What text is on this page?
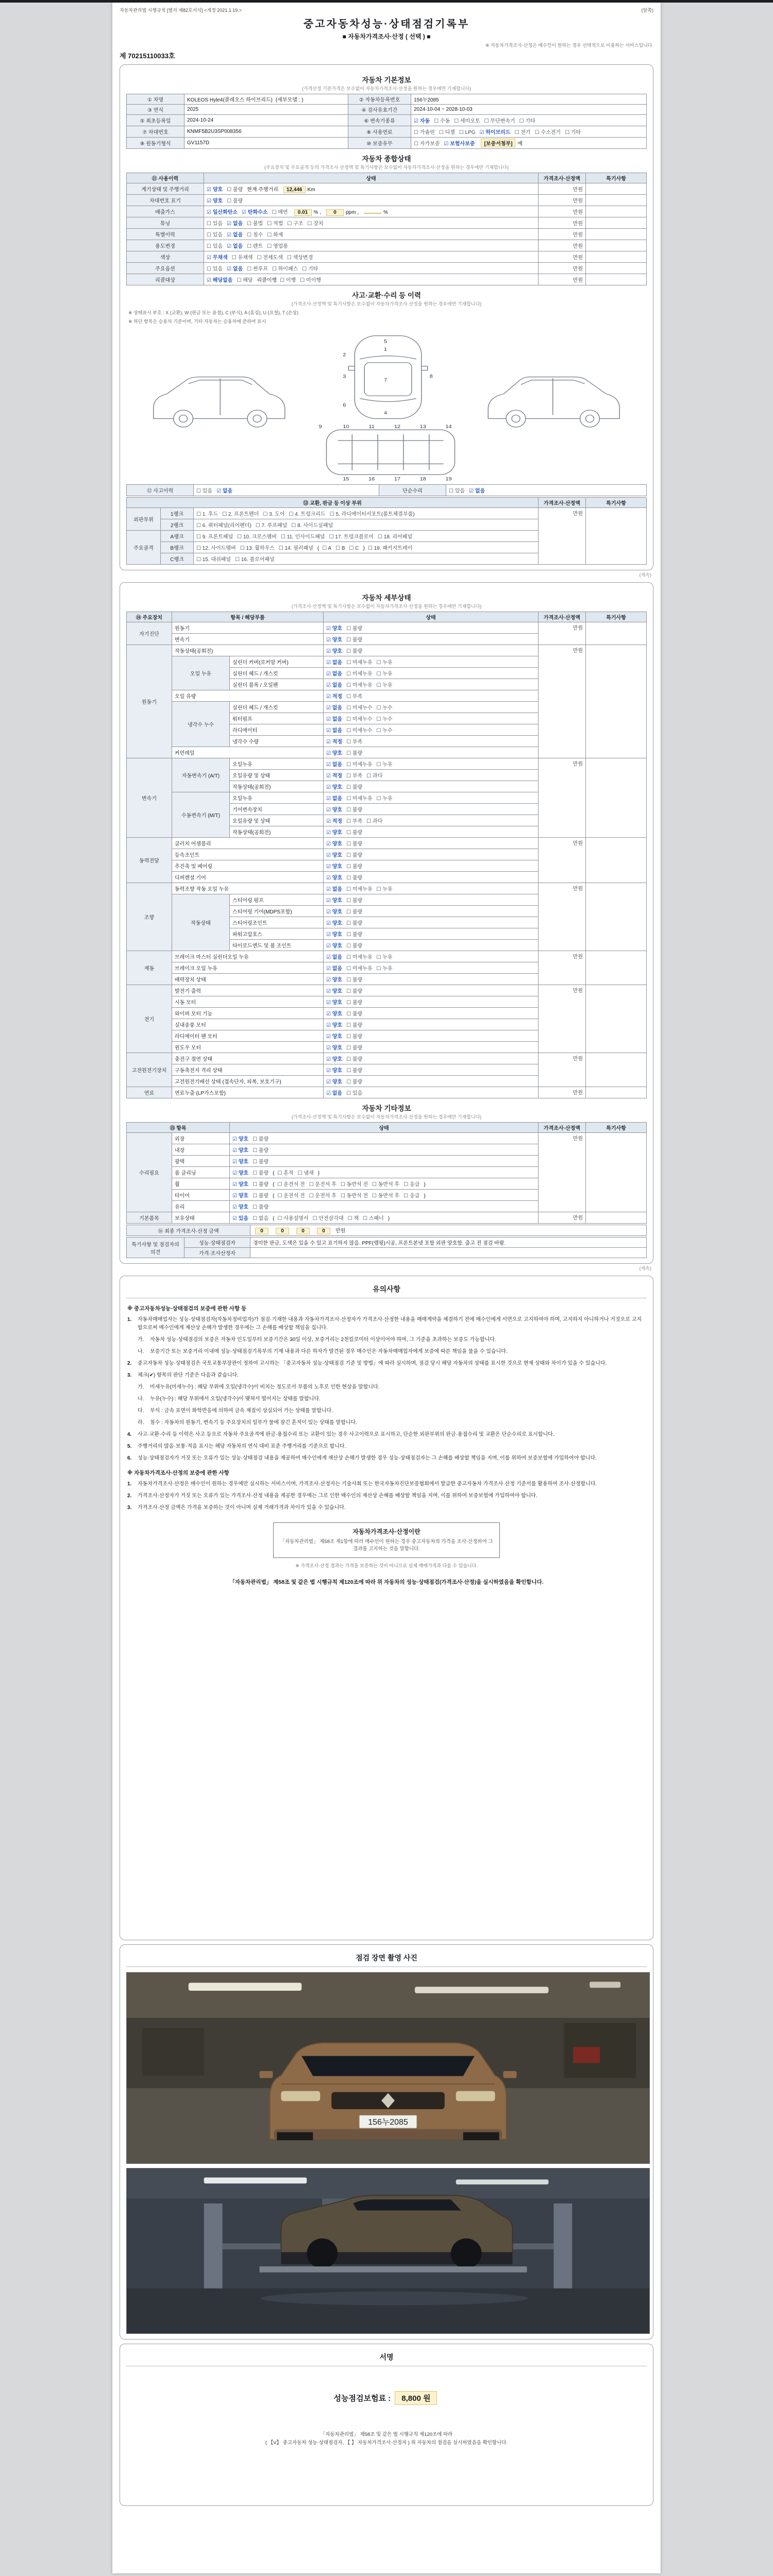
자동차관리법 시행규칙 [별지 제82호서식] <개정 2021.1.19.>	(앞쪽)
중고자동차성능·상태점검기록부
■ 자동차가격조사·산정 ( 선택 ) ■
※ 자동차가격조사·산정은 매수인이 원하는 경우 선택적으로 이용하는 서비스입니다.
제 70215110033호
자동차 기본정보
(가격산정 기준가격은 보수없이 자동차가격조사·산정을 원하는 경우에만 기재합니다)
① 차명	KOLEOS Hyle4(콜레오스 하이브리드) (세부모델 : )	② 자동차등록번호	156누2085
③ 연식	2025	④ 검사유효기간	2024-10-04 ~ 2028-10-03
⑤ 최초등록일	2024-10-24	⑥ 변속기종류	☑ 자동 ☐ 수동 ☐ 세미오토 ☐ 무단변속기 ☐ 기타
⑦ 차대번호	KNMF5B2U3SP008356	⑧ 사용연료	☐ 가솔린 ☐ 디젤 ☐ LPG ☑ 하이브리드 ☐ 전기 ☐ 수소전기 ☐ 기타
⑨ 원동기형식	GV1157D	⑩ 보증유무	☐ 자가보증 ☑ 보험사보증 [보증서첨부] 예
자동차 종합상태
(주요장치 및 주요골격 등의 가격조사·산정액 및 특기사항은 보수없이 자동차가격조사·산정을 원하는 경우에만 기재합니다)
⑪ 사용이력	상태	가격조사·산정액	특기사항
계기상태 및 주행거리	☑ 양호 ☐ 불량 현재 주행거리 12,446 Km	만원	
차대번호 표기	☑ 양호 ☐ 불량	만원	
배출가스	☑ 일산화탄소 ☑ 탄화수소 ☐ 매연 0.01 % , 0 ppm , %	만원	
튜닝	☐ 있음 ☑ 없음 ☐ 불법 ☐ 적법 ☐ 구조 ☐ 장치	만원	
특별이력	☐ 있음 ☑ 없음 ☐ 침수 ☐ 화재	만원	
용도변경	☐ 있음 ☑ 없음 ☐ 렌트 ☐ 영업용	만원	
색상	☑ 무채색 ☐ 유채색 ☐ 전체도색 ☐ 색상변경	만원	
주요옵션	☐ 있음 ☑ 없음 ☐ 썬루프 ☐ 하이패스 ☐ 기타	만원	
리콜대상	☑ 해당없음 ☐ 해당 리콜이행 ☐ 이행 ☐ 미이행	만원	
사고·교환·수리 등 이력
(가격조사·산정액 및 특기사항은 보수없이 자동차가격조사·산정을 원하는 경우에만 기재합니다)
※ 상태표시 부호 : X (교환), W (판금 또는 용접), C (부식), A (흠집), U (요철), T (손상)
※ 하단 항목은 승용차 기준이며, 기타 자동차는 승용차에 준하여 표시
1
2
3
4
5
6
7
8
9	10	11
17	18
12	13	14
19
15	16
⑫ 사고이력	☐ 있음 ☑ 없음	단순수리	☐ 있음 ☑ 없음
⑬ 교환, 판금 등 이상 부위			가격조사·산정액	특기사항
외판부위	1랭크	☐ 1. 후드 ☐ 2. 프론트펜더 ☐ 3. 도어 ☐ 4. 트렁크리드 ☐ 5. 라디에이터서포트(볼트체결부품)	만원	
	2랭크	☐ 6. 쿼터패널(리어펜더) ☐ 7. 루프패널 ☐ 8. 사이드실패널		
주요골격	A랭크	☐ 9. 프론트패널 ☐ 10. 크로스멤버 ☐ 11. 인사이드패널 ☐ 17. 트렁크플로어 ☐ 18. 리어패널		
	B랭크	☐ 12. 사이드멤버 ☐ 13. 휠하우스 ☐ 14. 필러패널 ( ☐ A ☐ B ☐ C ) ☐ 19. 패키지트레이		
	C랭크	☐ 15. 대쉬패널 ☐ 16. 플로어패널		
(계속)
자동차 세부상태
(가격조사·산정액 및 특기사항은 보수없이 자동차가격조사·산정을 원하는 경우에만 기재합니다)
⑭ 주요장치	항목 / 해당부품		상태	가격조사·산정액	특기사항
자기진단	원동기		☑ 양호 ☐ 불량	만원	
	변속기		☑ 양호 ☐ 불량		
원동기	작동상태(공회전)		☑ 양호 ☐ 불량	만원	
	오일 누유	실린더 커버(로커암 커버)	☑ 없음 ☐ 미세누유 ☐ 누유		
		실린더 헤드 / 개스킷	☑ 없음 ☐ 미세누유 ☐ 누유		
		실린더 블록 / 오일팬	☑ 없음 ☐ 미세누유 ☐ 누유		
	오일 유량		☑ 적정 ☐ 부족		
	냉각수 누수	실린더 헤드 / 개스킷	☑ 없음 ☐ 미세누수 ☐ 누수		
		워터펌프	☑ 없음 ☐ 미세누수 ☐ 누수		
		라디에이터	☑ 없음 ☐ 미세누수 ☐ 누수		
		냉각수 수량	☑ 적정 ☐ 부족		
	커먼레일		☑ 양호 ☐ 불량		
변속기	자동변속기 (A/T)	오일누유	☑ 없음 ☐ 미세누유 ☐ 누유	만원	
		오일유량 및 상태	☑ 적정 ☐ 부족 ☐ 과다		
		작동상태(공회전)	☑ 양호 ☐ 불량		
	수동변속기 (M/T)	오일누유	☑ 없음 ☐ 미세누유 ☐ 누유		
		기어변속장치	☑ 양호 ☐ 불량		
		오일유량 및 상태	☑ 적정 ☐ 부족 ☐ 과다		
		작동상태(공회전)	☑ 양호 ☐ 불량		
동력전달	클러치 어셈블리		☑ 양호 ☐ 불량	만원	
	등속조인트		☑ 양호 ☐ 불량		
	추진축 및 베어링		☑ 양호 ☐ 불량		
	디퍼렌셜 기어		☑ 양호 ☐ 불량		
조향	동력조향 작동 오일 누유		☑ 없음 ☐ 미세누유 ☐ 누유	만원	
	작동상태	스티어링 펌프	☑ 양호 ☐ 불량		
		스티어링 기어(MDPS포함)	☑ 양호 ☐ 불량		
		스티어링조인트	☑ 양호 ☐ 불량		
		파워고압호스	☑ 양호 ☐ 불량		
		타이로드엔드 및 볼 조인트	☑ 양호 ☐ 불량		
제동	브레이크 마스터 실린더오일 누유		☑ 없음 ☐ 미세누유 ☐ 누유	만원	
	브레이크 오일 누유		☑ 없음 ☐ 미세누유 ☐ 누유		
	배력장치 상태		☑ 양호 ☐ 불량		
전기	발전기 출력		☑ 양호 ☐ 불량	만원	
	시동 모터		☑ 양호 ☐ 불량		
	와이퍼 모터 기능		☑ 양호 ☐ 불량		
	실내송풍 모터		☑ 양호 ☐ 불량		
	라디에이터 팬 모터		☑ 양호 ☐ 불량		
	윈도우 모터		☑ 양호 ☐ 불량		
고전원전기장치	충전구 절연 상태		☑ 양호 ☐ 불량	만원	
	구동축전지 격리 상태		☑ 양호 ☐ 불량		
	고전원전기배선 상태 (접속단자, 피복, 보호기구)		☑ 양호 ☐ 불량		
연료	연료누출 (LP가스포함)		☑ 없음 ☐ 있음	만원	
자동차 기타정보
(가격조사·산정액 및 특기사항은 보수없이 자동차가격조사·산정을 원하는 경우에만 기재합니다)
⑮ 항목		상태	가격조사·산정액	특기사항
수리필요	외장	☑ 양호 ☐ 불량	만원	
	내장	☑ 양호 ☐ 불량		
	광택	☑ 양호 ☐ 불량		
	룸 클리닝	☑ 양호 ☐ 불량 ( ☐ 흔적 ☐ 냄새 )		
	휠	☑ 양호 ☐ 불량 ( ☐ 운전석 전 ☐ 운전석 후 ☐ 동반석 전 ☐ 동반석 후 ☐ 응급 )		
	타이어	☑ 양호 ☐ 불량 ( ☐ 운전석 전 ☐ 운전석 후 ☐ 동반석 전 ☐ 동반석 후 ☐ 응급 )		
	유리	☑ 양호 ☐ 불량		
기본품목	보유상태	☑ 있음 ☐ 없음 ( ☐ 사용설명서 ☐ 안전삼각대 ☐ 잭 ☐ 스패너 )	만원	
⑯ 최종 가격조사·산정 금액	0	0	0	0 만원
특기사항 및 점검자의 의견	성능·상태점검자	경미한 판금, 도색은 있을 수 있고 표기하지 않음. PPF(랩핑)시공, 프론트본넷 포함 외판 양호함. 출고 전 점검 바람.
	가격·조사산정자	
(계속)
유의사항
※ 중고자동차성능·상태점검의 보증에 관한 사항 등
1.	자동차매매업자는 성능·상태점검자(자동차정비업자)가 점검·기재한 내용과 자동차가격조사·산정자가 가격조사·산정한 내용을 매매계약을 체결하기 전에 매수인에게 서면으로 고지하여야 하며, 고지하지 아니하거나 거짓으로 고지함으로써 매수인에게 재산상 손해가 발생한 경우에는 그 손해를 배상할 책임을 집니다.
가.	자동차 성능·상태점검의 보증은 자동차 인도일부터 보증기간은 30일 이상, 보증거리는 2천킬로미터 이상이어야 하며, 그 기준을 초과하는 보증도 가능합니다.
나.	보증기간 또는 보증거리 이내에 성능·상태점검기록부의 기재 내용과 다른 하자가 발견된 경우 매수인은 자동차매매업자에게 보증에 따른 책임을 물을 수 있습니다.
2.	중고자동차 성능·상태점검은 국토교통부장관이 정하여 고시하는 「중고자동차 성능·상태점검 기준 및 방법」에 따라 실시하며, 점검 당시 해당 자동차의 상태를 표시한 것으로 현재 상태와 차이가 있을 수 있습니다.
3.	체크(✔) 항목의 판단 기준은 다음과 같습니다.
가.	미세누유(미세누수) : 해당 부위에 오일(냉각수)이 비치는 정도로서 부품의 노후로 인한 현상을 말합니다.
나.	누유(누수) : 해당 부위에서 오일(냉각수)이 맺혀서 떨어지는 상태를 말합니다.
다.	부식 : 금속 표면이 화학반응에 의하여 금속 재질이 상실되어 가는 상태를 말합니다.
라.	침수 : 자동차의 원동기, 변속기 등 주요장치의 일부가 물에 잠긴 흔적이 있는 상태를 말합니다.
4.	사고·교환·수리 등 이력은 사고 등으로 자동차 주요골격에 판금·용접수리 또는 교환이 있는 경우 사고이력으로 표시하고, 단순한 외판부위의 판금·용접수리 및 교환은 단순수리로 표시합니다.
5.	주행거리의 많음·보통·적음 표시는 해당 자동차의 연식 대비 표준 주행거리를 기준으로 합니다.
6.	성능·상태점검자가 거짓 또는 오류가 있는 성능·상태점검 내용을 제공하여 매수인에게 재산상 손해가 발생한 경우 성능·상태점검자는 그 손해를 배상할 책임을 지며, 이를 위하여 보증보험에 가입하여야 합니다.
※ 자동차가격조사·산정의 보증에 관한 사항
1.	자동차가격조사·산정은 매수인이 원하는 경우에만 실시하는 서비스이며, 가격조사·산정자는 기술사회 또는 한국자동차진단보증협회에서 발급한 중고자동차 가격조사·산정 기준서를 활용하여 조사·산정합니다.
2.	가격조사·산정자가 거짓 또는 오류가 있는 가격조사·산정 내용을 제공한 경우에는 그로 인한 매수인의 재산상 손해를 배상할 책임을 지며, 이를 위하여 보증보험에 가입하여야 합니다.
3.	가격조사·산정 금액은 가격을 보증하는 것이 아니며 실제 거래가격과 차이가 있을 수 있습니다.
자동차가격조사·산정이란
「자동차관리법」 제58조 제1항에 따라 매수인이 원하는 경우 중고자동차의 가격을 조사·산정하여 그 결과를 고지하는 것을 말합니다.
※ 가격조사·산정 결과는 가격을 보증하는 것이 아니므로 실제 매매가격과 다를 수 있습니다.
「자동차관리법」 제58조 및 같은 법 시행규칙 제120조에 따라 위 자동차의 성능·상태점검(가격조사·산정)을 실시하였음을 확인합니다.
점검 장면 촬영 사진
156누2085
서명
성능점검보험료 : 8,800 원
「자동차관리법」 제58조 및 같은 법 시행규칙 제120조에 따라
( 【V】 중고자동차 성능·상태점검자, 【 】 자동차가격조사·산정자 ) 위 자동차의 점검을 실시하였음을 확인합니다.
